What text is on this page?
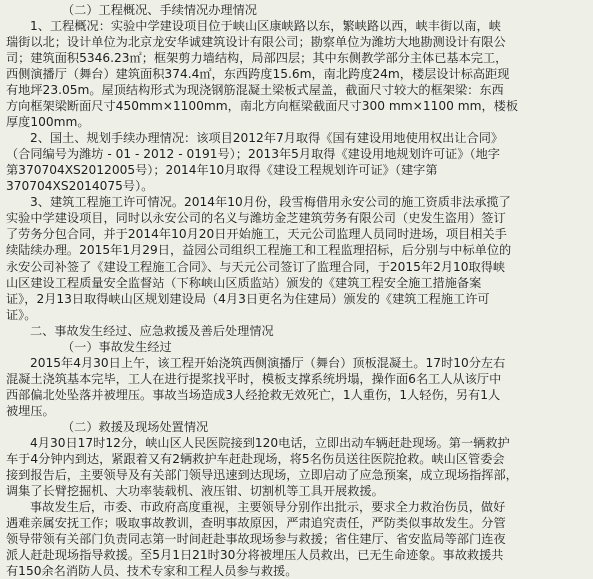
（二）工程概况、手续情况办理情况
1、工程概况：实验中学建设项目位于峡山区康峡路以东，繁峡路以西，峡丰街以南，峡
瑞街以北；设计单位为北京龙安华诚建筑设计有限公司；勘察单位为潍坊大地勘测设计有限公
司；建筑面积5346.23㎡；框架剪力墙结构，局部四层；其中东侧教学部分主体已基本完工，
西侧演播厅（舞台）建筑面积374.4㎡，东西跨度15.6m，南北跨度24m，楼层设计标高距现
有地坪23.05m。屋顶结构形式为现浇钢筋混凝土梁板式屋盖，截面尺寸较大的框架梁：东西
方向框架梁断面尺寸450mm×1100mm，南北方向框梁截面尺寸300 mm×1100 mm，楼板
厚度100mm。
2、国土、规划手续办理情况：该项目2012年7月取得《国有建设用地使用权出让合同》
（合同编号为潍坊 - 01 - 2012 - 0191号）；2013年5月取得《建设用地规划许可证》（地字
第370704XS2012005号）；2014年10月取得《建设工程规划许可证》（建字第
370704XS2014075号）。
3、建筑工程施工许可情况。2014年10月份，段雪梅借用永安公司的施工资质非法承揽了
实验中学建设项目，同时以永安公司的名义与潍坊金芝建筑劳务有限公司（史发生盗用）签订
了劳务分包合同，并于2014年10月20日开始施工，天元公司监理人员同时进场，项目相关手
续陆续办理。2015年1月29日，益园公司组织工程施工和工程监理招标，后分别与中标单位的
永安公司补签了《建设工程施工合同》、与天元公司签订了监理合同，于2015年2月10取得峡
山区建设工程质量安全监督站（下称峡山区质监站）颁发的《建筑工程安全施工措施备案
证》，2月13日取得峡山区规划建设局（4月3日更名为住建局）颁发的《建筑工程施工许可
证》。
二、事故发生经过、应急救援及善后处理情况
（一）事故发生经过
2015年4月30日上午，该工程开始浇筑西侧演播厅（舞台）顶板混凝土。17时10分左右
混凝土浇筑基本完毕，工人在进行提浆找平时，模板支撑系统坍塌，操作面6名工人从该厅中
西部偏北处坠落并被埋压。事故当场造成3人经抢救无效死亡，1人重伤，1人轻伤，另有1人
被埋压。
（二）救援及现场处置情况
4月30日17时12分，峡山区人民医院接到120电话，立即出动车辆赶赴现场。第一辆救护
车于4分钟内到达，紧跟着又有2辆救护车赶赴现场，将5名伤员送往医院抢救。峡山区管委会
接到报告后，主要领导及有关部门领导迅速到达现场，立即启动了应急预案，成立现场指挥部，
调集了长臂挖掘机、大功率装载机、液压钳、切割机等工具开展救援。
事故发生后，市委、市政府高度重视，主要领导分别作出批示，要求全力救治伤员，做好
遇难亲属安抚工作；吸取事故教训，查明事故原因，严肃追究责任，严防类似事故发生。分管
领导带领有关部门负责同志第一时间赶赴事故现场参与救援；省住建厅、省安监局等部门连夜
派人赶赴现场指导救援。至5月1日21时30分将被埋压人员救出，已无生命迹象。事故救援共
有150余名消防人员、技术专家和工程人员参与救援。
